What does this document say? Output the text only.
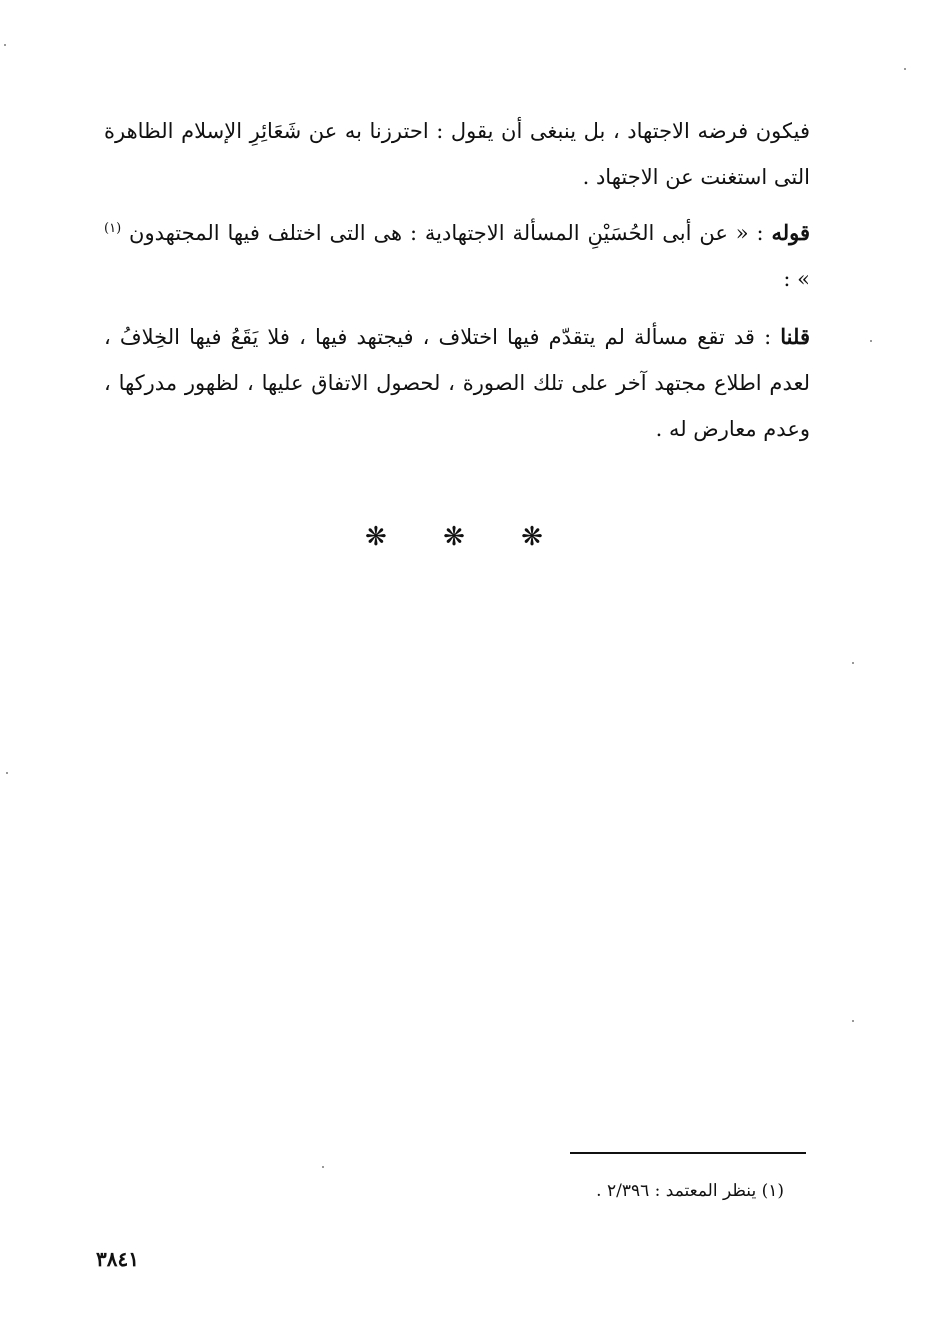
فيكون فرضه الاجتهاد ، بل ينبغى أن يقول : احترزنا به عن شَعَائِرِ الإسلام الظاهرة التى استغنت عن الاجتهاد .
قوله : « عن أبى الحُسَيْنِ المسألة الاجتهادية : هى التى اختلف فيها المجتهدون $^{(١)}$ » :
قلنا : قد تقع مسألة لم يتقدّم فيها اختلاف ، فيجتهد فيها ، فلا يَقَعُ فيها الخِلافُ ، لعدم اطلاع مجتهد آخر على تلك الصورة ، لحصول الاتفاق عليها ، لظهور مدركها ، وعدم معارض له .
❋ ❋ ❋
(١) ينظر المعتمد : ٢/٣٩٦ .
٣٨٤١
